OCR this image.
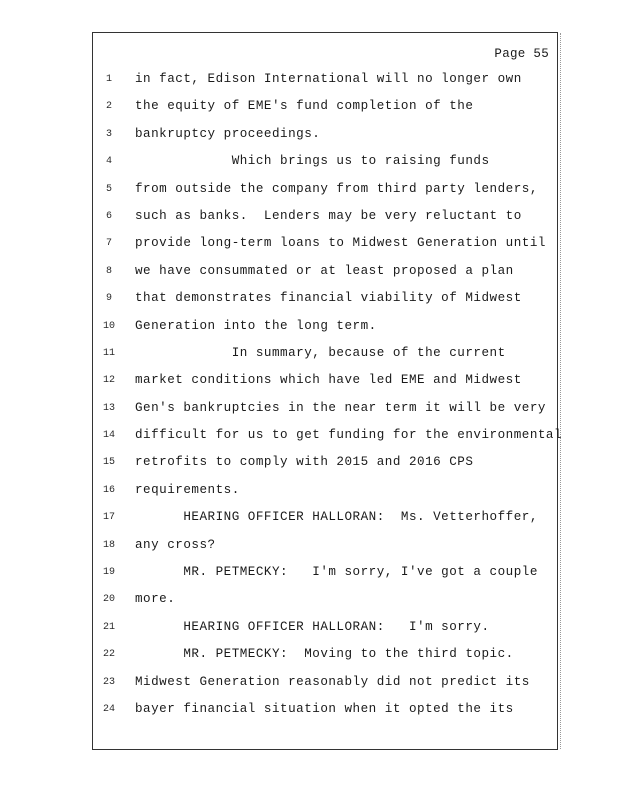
Page 55
1	in fact, Edison International will no longer own
2	the equity of EME's fund completion of the
3	bankruptcy proceedings.
4	Which brings us to raising funds
5	from outside the company from third party lenders,
6	such as banks.  Lenders may be very reluctant to
7	provide long-term loans to Midwest Generation until
8	we have consummated or at least proposed a plan
9	that demonstrates financial viability of Midwest
10	Generation into the long term.
11	In summary, because of the current
12	market conditions which have led EME and Midwest
13	Gen's bankruptcies in the near term it will be very
14	difficult for us to get funding for the environmental
15	retrofits to comply with 2015 and 2016 CPS
16	requirements.
17	HEARING OFFICER HALLORAN:  Ms. Vetterhoffer,
18	any cross?
19	MR. PETMECKY:   I'm sorry, I've got a couple
20	more.
21	HEARING OFFICER HALLORAN:   I'm sorry.
22	MR. PETMECKY:  Moving to the third topic.
23	Midwest Generation reasonably did not predict its
24	bayer financial situation when it opted the its
